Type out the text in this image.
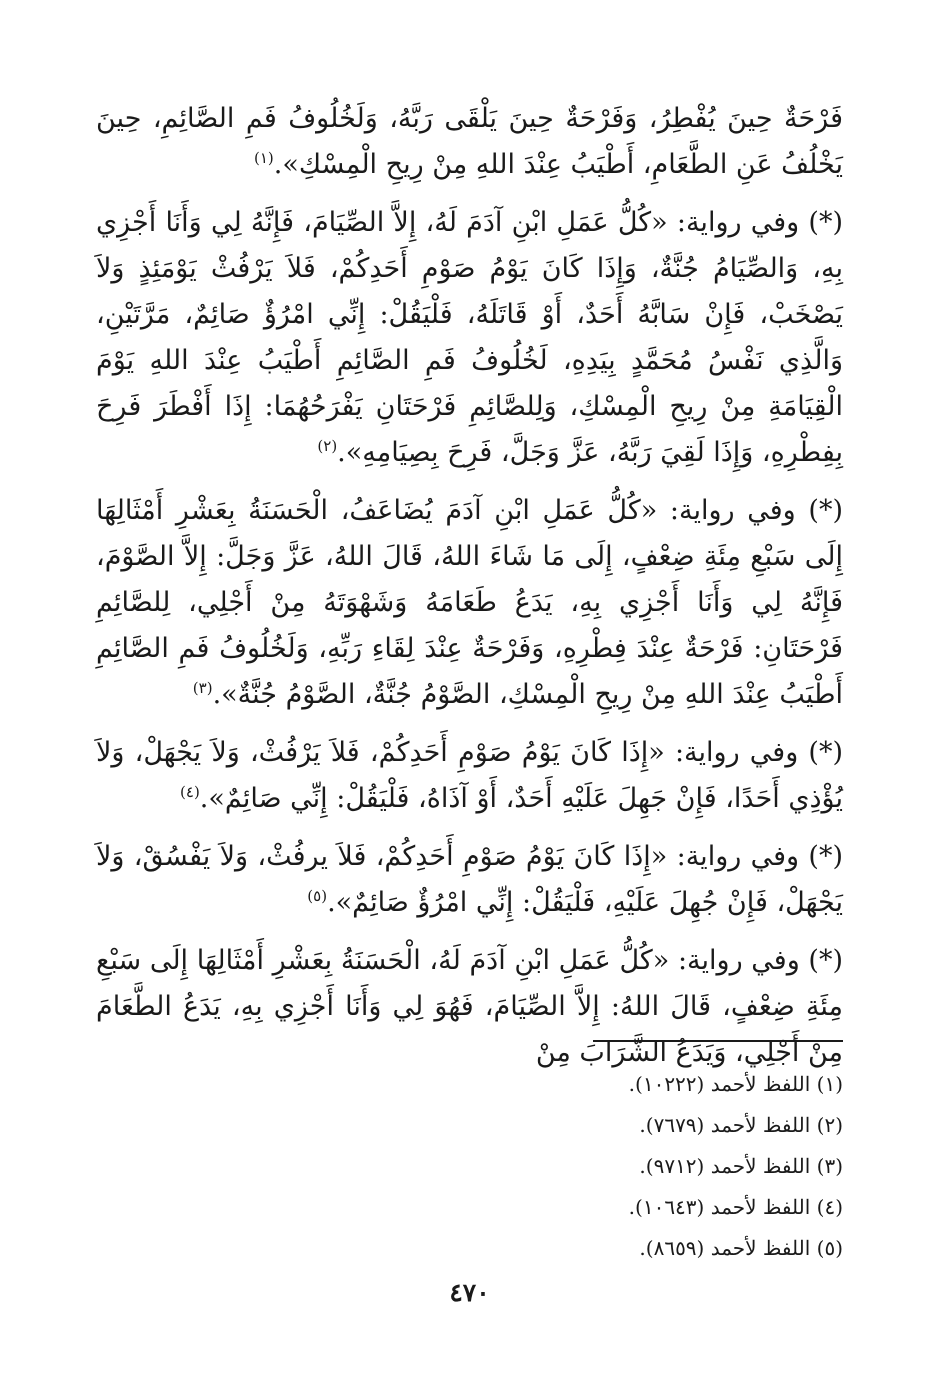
فَرْحَةٌ حِينَ يُفْطِرُ، وَفَرْحَةٌ حِينَ يَلْقَى رَبَّهُ، وَلَخُلُوفُ فَمِ الصَّائِمِ، حِينَ يَخْلُفُ عَنِ الطَّعَامِ، أَطْيَبُ عِنْدَ اللهِ مِنْ رِيحِ الْمِسْكِ».$^{(١)}$

(*) وفي رواية: «كُلُّ عَمَلِ ابْنِ آدَمَ لَهُ، إِلاَّ الصِّيَامَ، فَإِنَّهُ لِي وَأَنَا أَجْزِي بِهِ، وَالصِّيَامُ جُنَّةٌ، وَإِذَا كَانَ يَوْمُ صَوْمِ أَحَدِكُمْ، فَلاَ يَرْفُثْ يَوْمَئِذٍ وَلاَ يَصْخَبْ، فَإِنْ سَابَّهُ أَحَدٌ، أَوْ قَاتَلَهُ، فَلْيَقُلْ: إِنِّي امْرُؤٌ صَائِمٌ، مَرَّتَيْنِ، وَالَّذِي نَفْسُ مُحَمَّدٍ بِيَدِهِ، لَخُلُوفُ فَمِ الصَّائِمِ أَطْيَبُ عِنْدَ اللهِ يَوْمَ الْقِيَامَةِ مِنْ رِيحِ الْمِسْكِ، وَلِلصَّائِمِ فَرْحَتَانِ يَفْرَحُهُمَا: إِذَا أَفْطَرَ فَرِحَ بِفِطْرِهِ، وَإِذَا لَقِيَ رَبَّهُ، عَزَّ وَجَلَّ، فَرِحَ بِصِيَامِهِ».$^{(٢)}$

(*) وفي رواية: «كُلُّ عَمَلِ ابْنِ آدَمَ يُضَاعَفُ، الْحَسَنَةُ بِعَشْرِ أَمْثَالِهَا إِلَى سَبْعِ مِئَةِ ضِعْفٍ، إِلَى مَا شَاءَ اللهُ، قَالَ اللهُ، عَزَّ وَجَلَّ: إِلاَّ الصَّوْمَ، فَإِنَّهُ لِي وَأَنَا أَجْزِي بِهِ، يَدَعُ طَعَامَهُ وَشَهْوَتَهُ مِنْ أَجْلِي، لِلصَّائِمِ فَرْحَتَانِ: فَرْحَةٌ عِنْدَ فِطْرِهِ، وَفَرْحَةٌ عِنْدَ لِقَاءِ رَبِّهِ، وَلَخُلُوفُ فَمِ الصَّائِمِ أَطْيَبُ عِنْدَ اللهِ مِنْ رِيحِ الْمِسْكِ، الصَّوْمُ جُنَّةٌ، الصَّوْمُ جُنَّةٌ».$^{(٣)}$

(*) وفي رواية: «إِذَا كَانَ يَوْمُ صَوْمِ أَحَدِكُمْ، فَلاَ يَرْفُثْ، وَلاَ يَجْهَلْ، وَلاَ يُؤْذِي أَحَدًا، فَإِنْ جَهِلَ عَلَيْهِ أَحَدٌ، أَوْ آذَاهُ، فَلْيَقُلْ: إِنِّي صَائِمٌ».$^{(٤)}$

(*) وفي رواية: «إِذَا كَانَ يَوْمُ صَوْمِ أَحَدِكُمْ، فَلاَ يرفُثْ، وَلاَ يَفْسُقْ، وَلاَ يَجْهَلْ، فَإِنْ جُهِلَ عَلَيْهِ، فَلْيَقُلْ: إِنِّي امْرُؤٌ صَائِمٌ».$^{(٥)}$

(*) وفي رواية: «كُلُّ عَمَلِ ابْنِ آدَمَ لَهُ، الْحَسَنَةُ بِعَشْرِ أَمْثَالِهَا إِلَى سَبْعِ مِئَةِ ضِعْفٍ، قَالَ اللهُ: إِلاَّ الصِّيَامَ، فَهُوَ لِي وَأَنَا أَجْزِي بِهِ، يَدَعُ الطَّعَامَ مِنْ أَجْلِي، وَيَدَعُ الشَّرَابَ مِنْ

(١) اللفظ لأحمد (١٠٢٢٢).
(٢) اللفظ لأحمد (٧٦٧٩).
(٣) اللفظ لأحمد (٩٧١٢).
(٤) اللفظ لأحمد (١٠٦٤٣).
(٥) اللفظ لأحمد (٨٦٥٩).
٤٧٠
